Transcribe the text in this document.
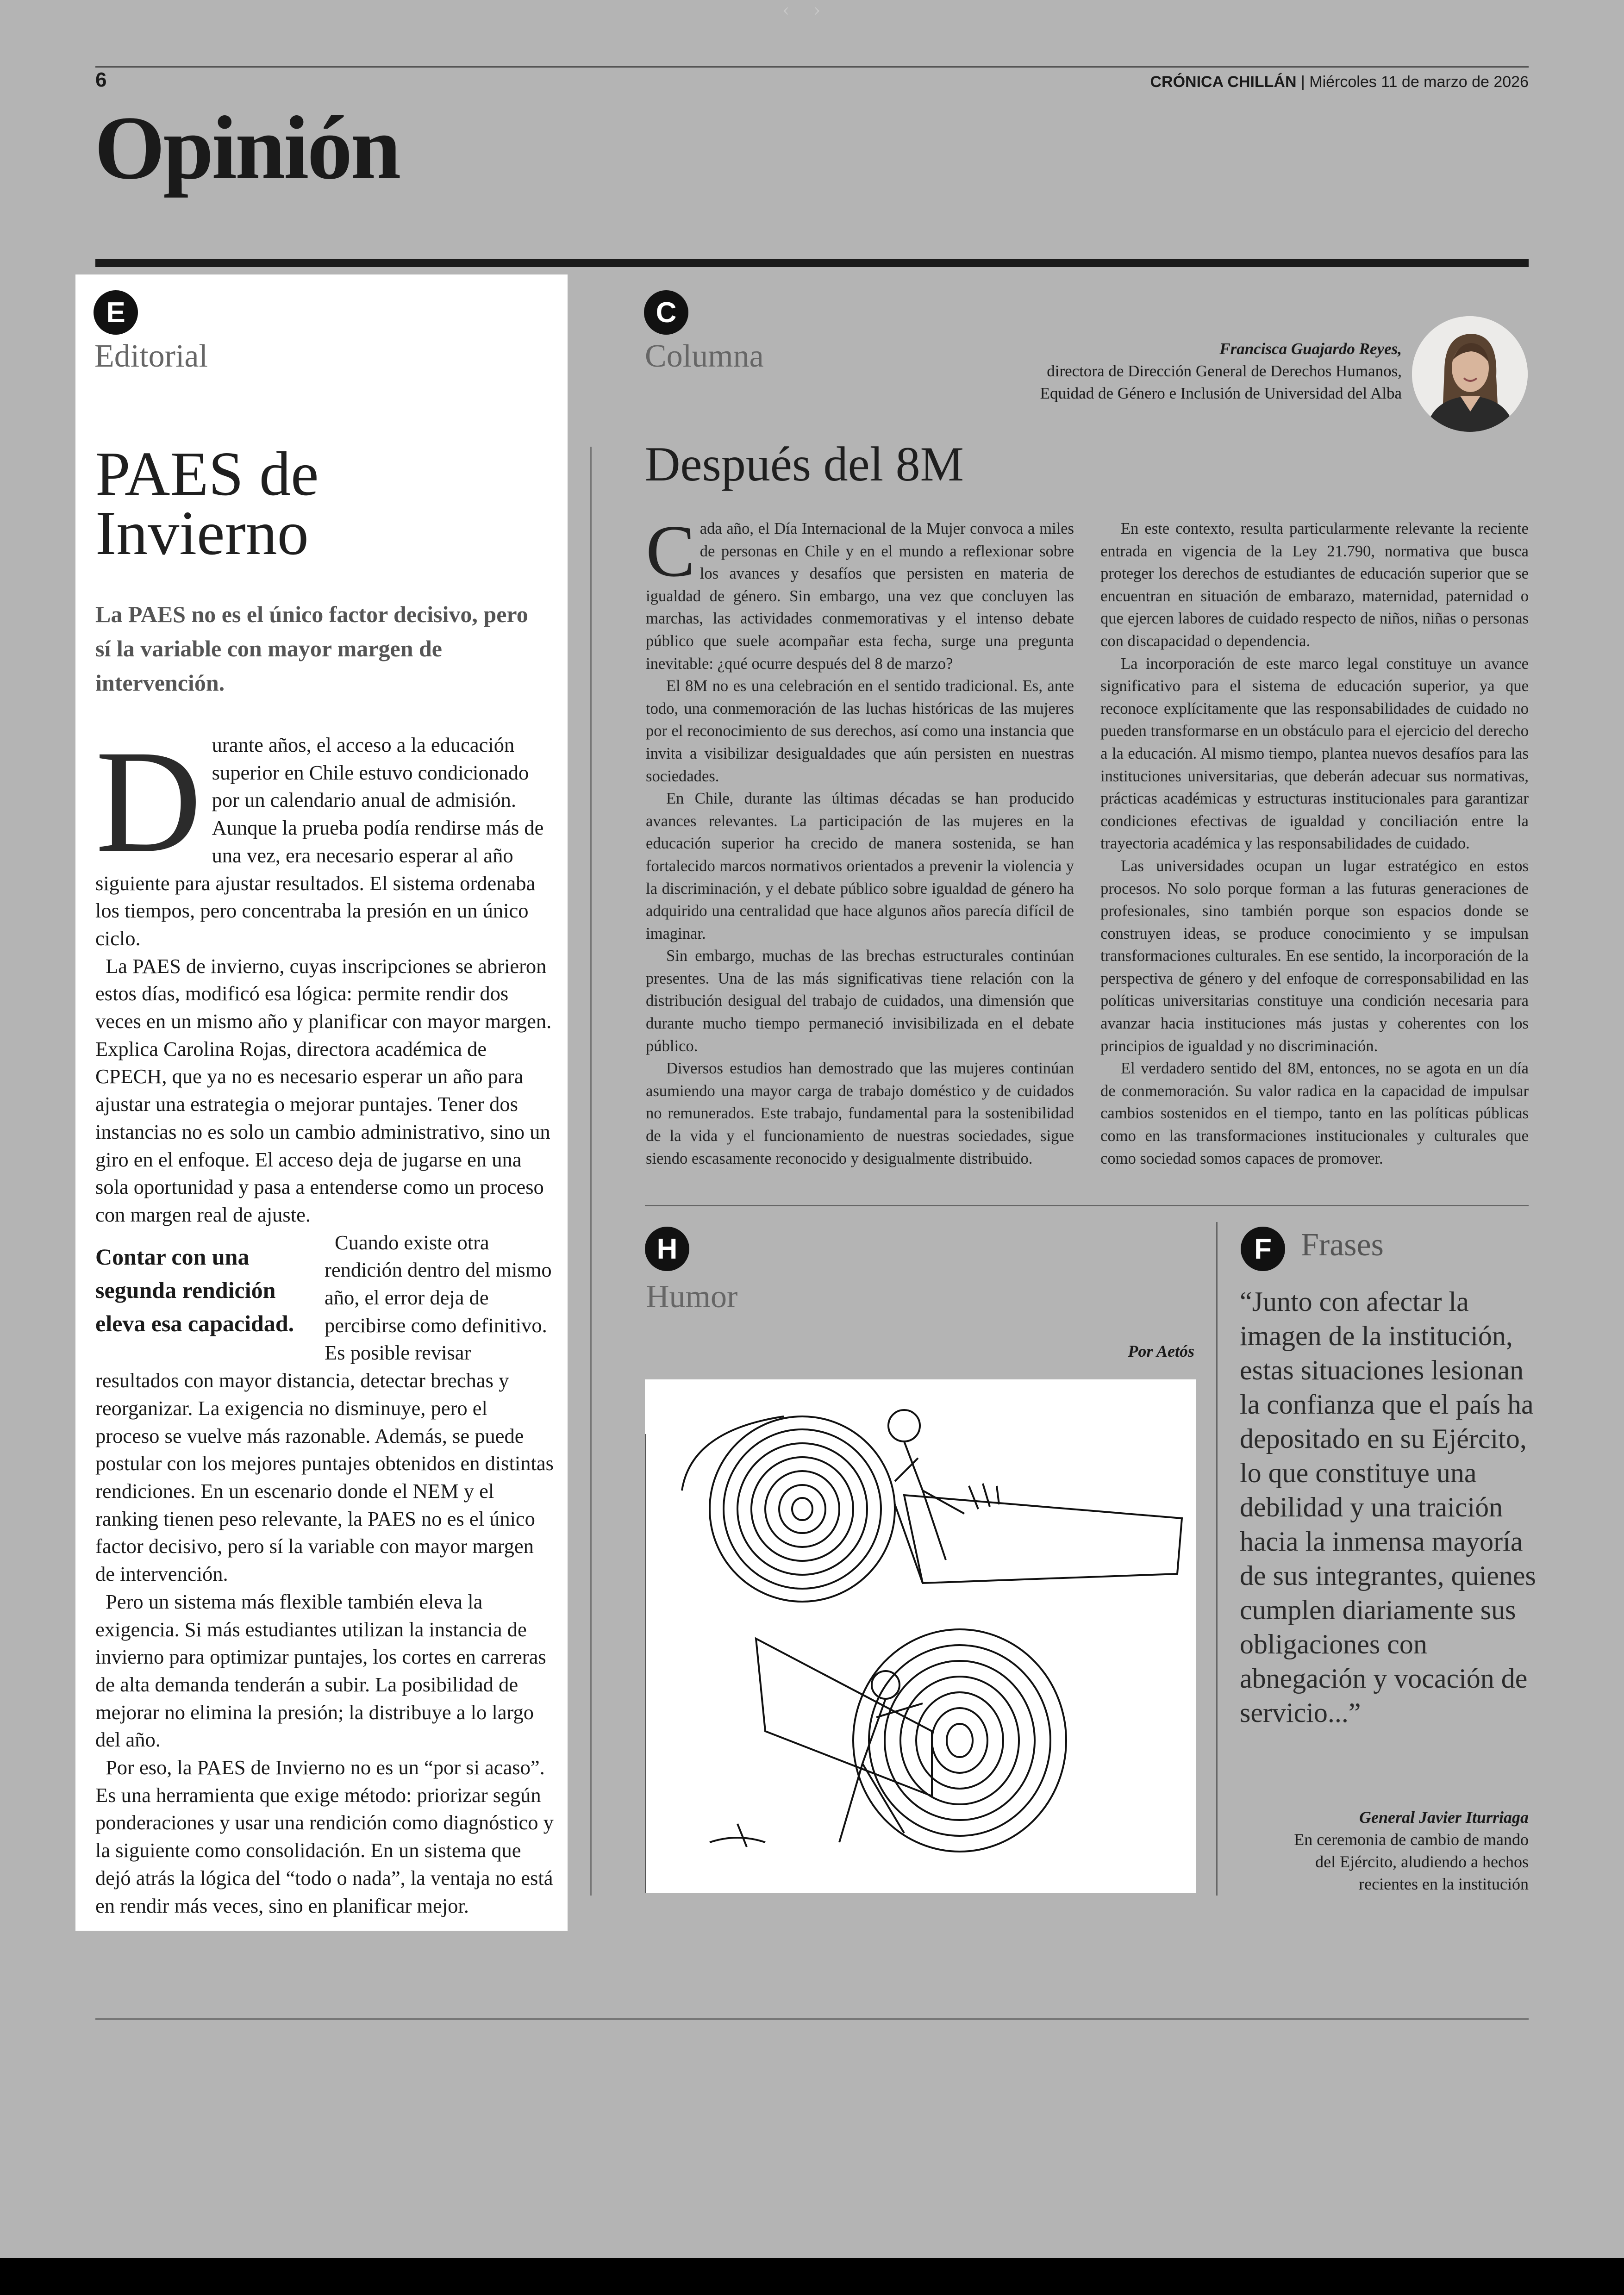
‹ ›
6	CRÓNICA CHILLÁN | Miércoles 11 de marzo de 2026
Opinión
E
Editorial
PAES de
Invierno
La PAES no es el único factor decisivo, pero sí la variable con mayor margen de intervención.

Durante años, el acceso a la educación superior en Chile estuvo condicionado por un calendario anual de admisión. Aunque la prueba podía rendirse más de una vez, era necesario esperar al año siguiente para ajustar resultados. El sistema ordenaba los tiempos, pero concentraba la presión en un único ciclo.

La PAES de invierno, cuyas inscripciones se abrieron estos días, modificó esa lógica: permite rendir dos veces en un mismo año y planificar con mayor margen. Explica Carolina Rojas, directora académica de CPECH, que ya no es necesario esperar un año para ajustar una estrategia o mejorar puntajes. Tener dos instancias no es solo un cambio administrativo, sino un giro en el enfoque. El acceso deja de jugarse en una sola oportunidad y pasa a entenderse como un proceso con margen real de ajuste.

Contar con una segunda rendición eleva esa capacidad.

Cuando existe otra rendición dentro del mismo año, el error deja de percibirse como definitivo. Es posible revisar resultados con mayor distancia, detectar brechas y reorganizar. La exigencia no disminuye, pero el proceso se vuelve más razonable. Además, se puede postular con los mejores puntajes obtenidos en distintas rendiciones. En un escenario donde el NEM y el ranking tienen peso relevante, la PAES no es el único factor decisivo, pero sí la variable con mayor margen de intervención.

Pero un sistema más flexible también eleva la exigencia. Si más estudiantes utilizan la instancia de invierno para optimizar puntajes, los cortes en carreras de alta demanda tenderán a subir. La posibilidad de mejorar no elimina la presión; la distribuye a lo largo del año.

Por eso, la PAES de Invierno no es un “por si acaso”. Es una herramienta que exige método: priorizar según ponderaciones y usar una rendición como diagnóstico y la siguiente como consolidación. En un sistema que dejó atrás la lógica del “todo o nada”, la ventaja no está en rendir más veces, sino en planificar mejor.

C
Columna	Francisca Guajardo Reyes,
directora de Dirección General de Derechos Humanos,
Equidad de Género e Inclusión de Universidad del Alba
Después del 8M

Cada año, el Día Internacional de la Mujer convoca a miles de personas en Chile y en el mundo a reflexionar sobre los avances y desafíos que persisten en materia de igualdad de género. Sin embargo, una vez que concluyen las marchas, las actividades conmemorativas y el intenso debate público que suele acompañar esta fecha, surge una pregunta inevitable: ¿qué ocurre después del 8 de marzo?

El 8M no es una celebración en el sentido tradicional. Es, ante todo, una conmemoración de las luchas históricas de las mujeres por el reconocimiento de sus derechos, así como una instancia que invita a visibilizar desigualdades que aún persisten en nuestras sociedades.

En Chile, durante las últimas décadas se han producido avances relevantes. La participación de las mujeres en la educación superior ha crecido de manera sostenida, se han fortalecido marcos normativos orientados a prevenir la violencia y la discriminación, y el debate público sobre igualdad de género ha adquirido una centralidad que hace algunos años parecía difícil de imaginar.

Sin embargo, muchas de las brechas estructurales continúan presentes. Una de las más significativas tiene relación con la distribución desigual del trabajo de cuidados, una dimensión que durante mucho tiempo permaneció invisibilizada en el debate público.

Diversos estudios han demostrado que las mujeres continúan asumiendo una mayor carga de trabajo doméstico y de cuidados no remunerados. Este trabajo, fundamental para la sostenibilidad de la vida y el funcionamiento de nuestras sociedades, sigue siendo escasamente reconocido y desigualmente distribuido.

En este contexto, resulta particularmente relevante la reciente entrada en vigencia de la Ley 21.790, normativa que busca proteger los derechos de estudiantes de educación superior que se encuentran en situación de embarazo, maternidad, paternidad o que ejercen labores de cuidado respecto de niños, niñas o personas con discapacidad o dependencia.

La incorporación de este marco legal constituye un avance significativo para el sistema de educación superior, ya que reconoce explícitamente que las responsabilidades de cuidado no pueden transformarse en un obstáculo para el ejercicio del derecho a la educación. Al mismo tiempo, plantea nuevos desafíos para las instituciones universitarias, que deberán adecuar sus normativas, prácticas académicas y estructuras institucionales para garantizar condiciones efectivas de igualdad y conciliación entre la trayectoria académica y las responsabilidades de cuidado.

Las universidades ocupan un lugar estratégico en estos procesos. No solo porque forman a las futuras generaciones de profesionales, sino también porque son espacios donde se construyen ideas, se produce conocimiento y se impulsan transformaciones culturales. En ese sentido, la incorporación de la perspectiva de género y del enfoque de corresponsabilidad en las políticas universitarias constituye una condición necesaria para avanzar hacia instituciones más justas y coherentes con los principios de igualdad y no discriminación.

El verdadero sentido del 8M, entonces, no se agota en un día de conmemoración. Su valor radica en la capacidad de impulsar cambios sostenidos en el tiempo, tanto en las políticas públicas como en las transformaciones institucionales y culturales que como sociedad somos capaces de promover.

H
Humor
Por Aetós
F Frases
“Junto con afectar la imagen de la institución, estas situaciones lesionan la confianza que el país ha depositado en su Ejército, lo que constituye una debilidad y una traición hacia la inmensa mayoría de sus integrantes, quienes cumplen diariamente sus obligaciones con abnegación y vocación de servicio...”
General Javier Iturriaga
En ceremonia de cambio de mando
del Ejército, aludiendo a hechos
recientes en la institución
